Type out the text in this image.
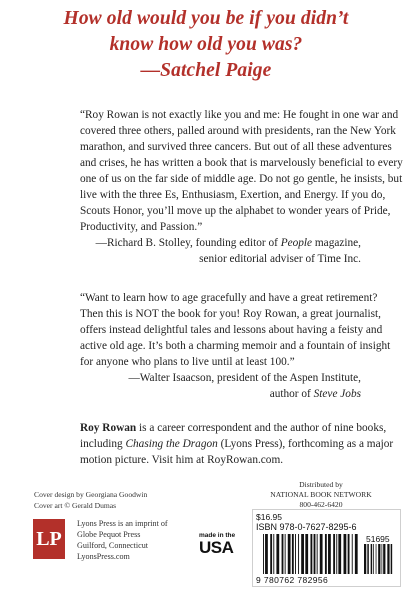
How old would you be if you didn’t
know how old you was?
—Satchel Paige
“Roy Rowan is not exactly like you and me: He fought in one war and
covered three others, palled around with presidents, ran the New York
marathon, and survived three cancers. But out of all these adventures
and crises, he has written a book that is marvelously beneficial to every
one of us on the far side of middle age. Do not go gentle, he insists, but
live with the three Es, Enthusiasm, Exertion, and Energy. If you do,
Scouts Honor, you’ll move up the alphabet to wonder years of Pride,
Productivity, and Passion.”
—Richard B. Stolley, founding editor of People magazine,
senior editorial adviser of Time Inc.
“Want to learn how to age gracefully and have a great retirement?
Then this is NOT the book for you! Roy Rowan, a great journalist,
offers instead delightful tales and lessons about having a feisty and
active old age. It’s both a charming memoir and a fountain of insight
for anyone who plans to live until at least 100.”
—Walter Isaacson, president of the Aspen Institute,
author of Steve Jobs
Roy Rowan is a career correspondent and the author of nine books,
including Chasing the Dragon (Lyons Press), forthcoming as a major
motion picture. Visit him at RoyRowan.com.
Distributed by
NATIONAL BOOK NETWORK
800-462-6420
Cover design by Georgiana Goodwin
Cover art © Gerald Dumas
LP
Lyons Press is an imprint of
Globe Pequot Press
Guilford, Connecticut
LyonsPress.com
made in the
USA
$16.95
ISBN 978-0-7627-8295-6
51695
9 780762 782956
